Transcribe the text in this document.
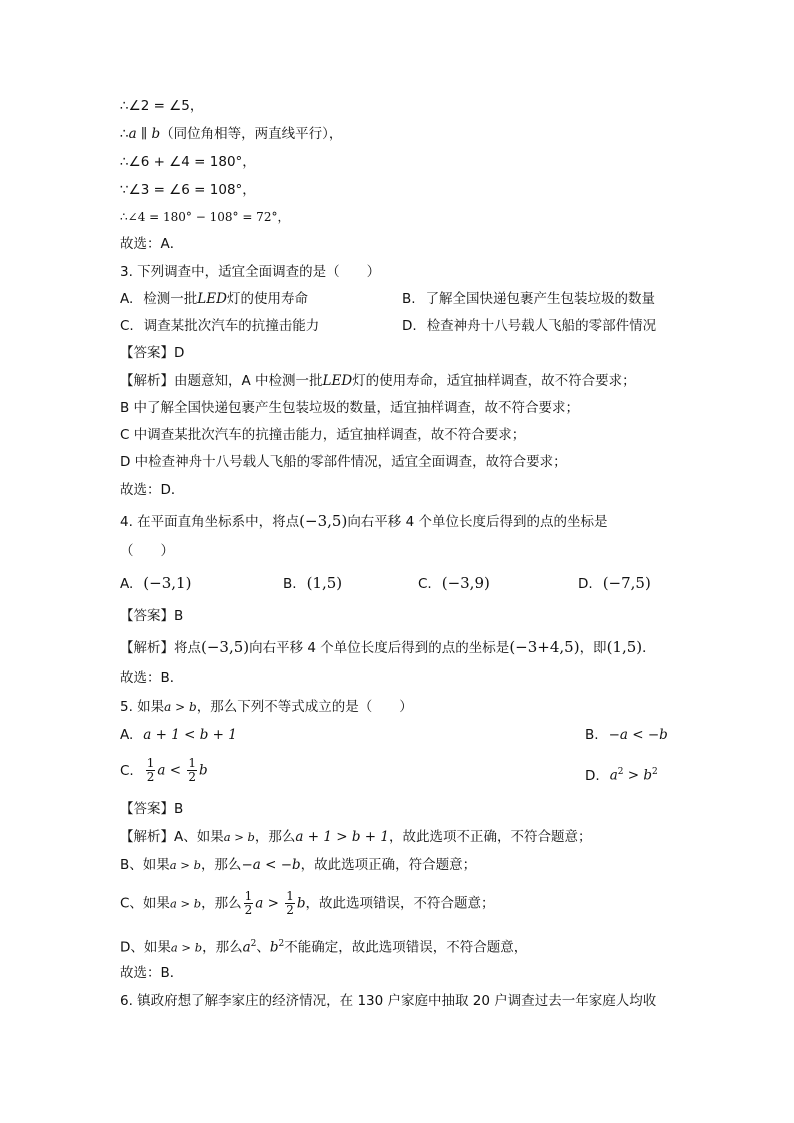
∴∠2 = ∠5，
∴a ∥ b（同位角相等，两直线平行），
∴∠6 + ∠4 = 180°，
∵∠3 = ∠6 = 108°，
∴∠4 = 180° − 108° = 72°，
故选：A．
3. 下列调查中，适宜全面调查的是（　　）
A. 检测一批LED灯的使用寿命	B. 了解全国快递包裹产生包装垃圾的数量
C. 调查某批次汽车的抗撞击能力	D. 检查神舟十八号载人飞船的零部件情况
【答案】D
【解析】由题意知，A 中检测一批LED灯的使用寿命，适宜抽样调查，故不符合要求；
B 中了解全国快递包裹产生包装垃圾的数量，适宜抽样调查，故不符合要求；
C 中调查某批次汽车的抗撞击能力，适宜抽样调查，故不符合要求；
D 中检查神舟十八号载人飞船的零部件情况，适宜全面调查，故符合要求；
故选：D．
4. 在平面直角坐标系中，将点(−3,5)向右平移 4 个单位长度后得到的点的坐标是
（　　）
A. (−3,1)	B. (1,5)	C. (−3,9)	D. (−7,5)
【答案】B
【解析】将点(−3,5)向右平移 4 个单位长度后得到的点的坐标是(−3+4,5)，即(1,5)．
故选：B．
5. 如果a > b，那么下列不等式成立的是（　　）
A. a + 1 < b + 1	B. −a < −b
C. $\frac{1}{2}$ $a < \frac{1}{2}$ b	D. $a^2 > b^2$
【答案】B
【解析】A、如果a > b，那么a + 1 > b + 1，故此选项不正确，不符合题意；
B、如果a > b，那么−a < −b，故此选项正确，符合题意；
C、如果a > b，那么 $\frac{1}{2}$ $a > \frac{1}{2}$ b，故此选项错误，不符合题意；
D、如果a > b，那么$a^2$、$b^2$不能确定，故此选项错误，不符合题意，
故选：B．
6. 镇政府想了解李家庄的经济情况，在 130 户家庭中抽取 20 户调查过去一年家庭人均收
